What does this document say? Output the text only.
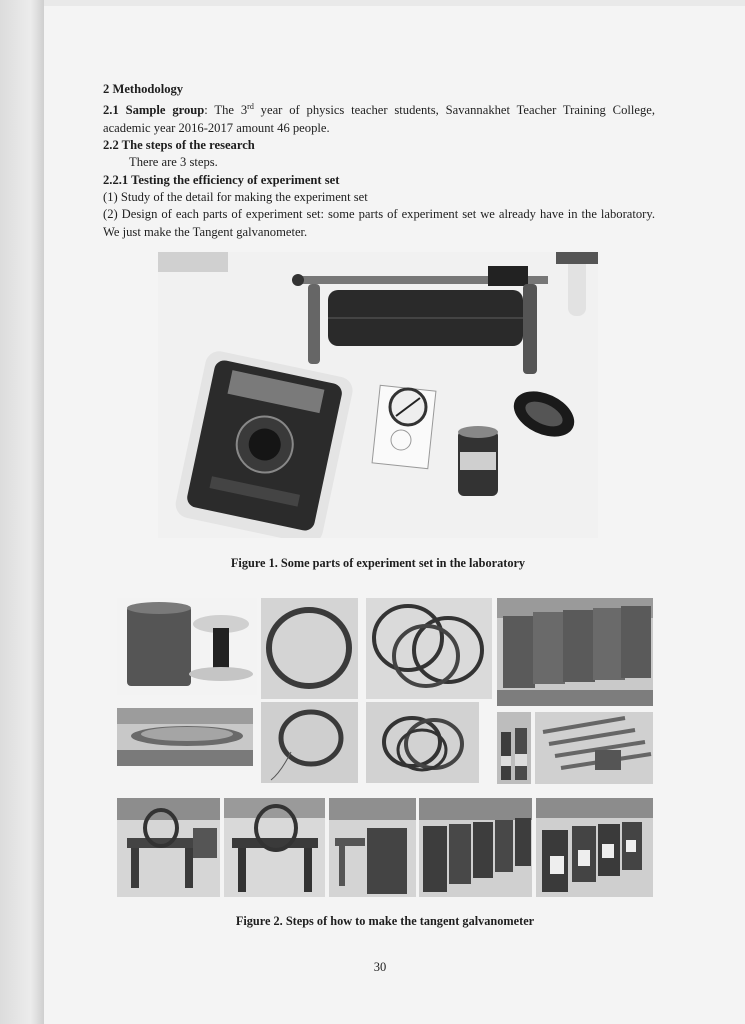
2 Methodology

2.1 Sample group: The 3rd year of physics teacher students, Savannakhet Teacher Training College, academic year 2016-2017 amount 46 people.

2.2 The steps of the research

There are 3 steps.

2.2.1 Testing the efficiency of experiment set

(1) Study of the detail for making the experiment set

(2) Design of each parts of experiment set: some parts of experiment set we already have in the laboratory. We just make the Tangent galvanometer.

Figure 1. Some parts of experiment set in the laboratory
Figure 2. Steps of how to make the tangent galvanometer
30
